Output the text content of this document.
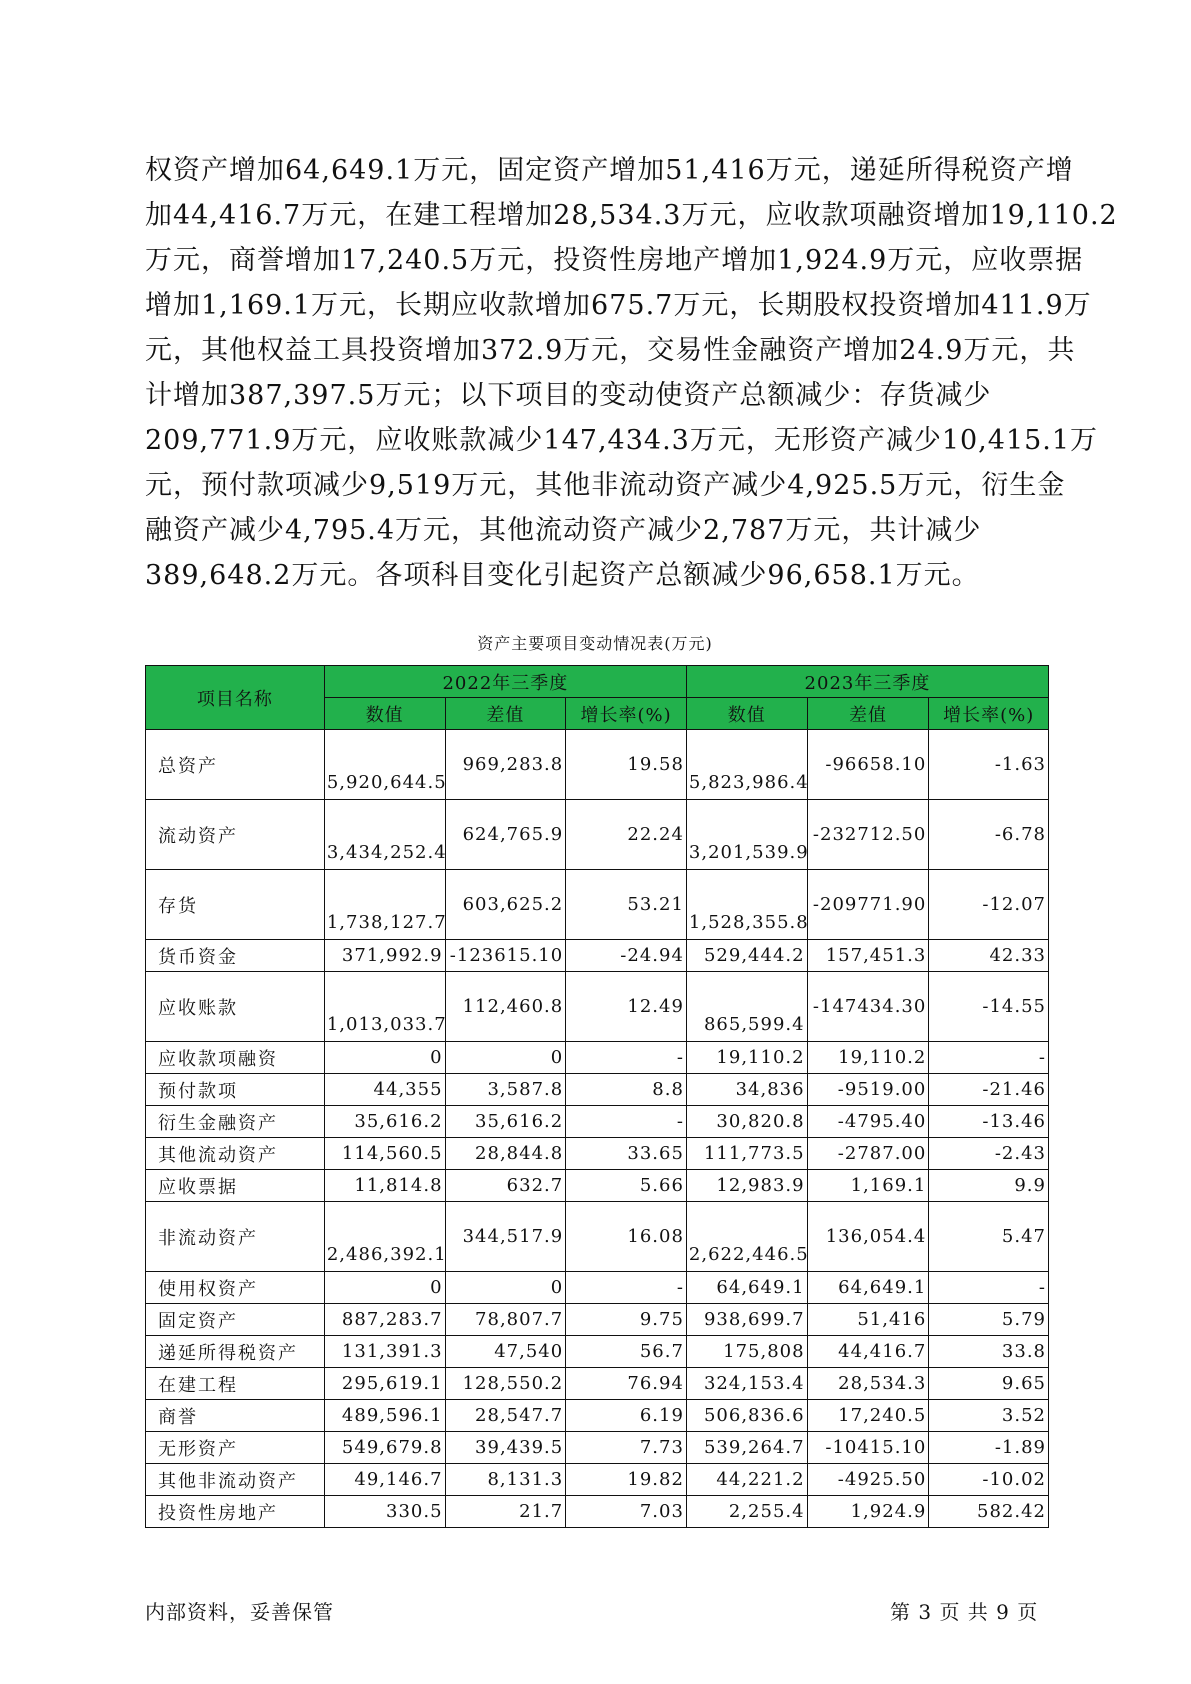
权资产增加64,649.1万元，固定资产增加51,416万元，递延所得税资产增
加44,416.7万元，在建工程增加28,534.3万元，应收款项融资增加19,110.2
万元，商誉增加17,240.5万元，投资性房地产增加1,924.9万元，应收票据
增加1,169.1万元，长期应收款增加675.7万元，长期股权投资增加411.9万
元，其他权益工具投资增加372.9万元，交易性金融资产增加24.9万元，共
计增加387,397.5万元；以下项目的变动使资产总额减少：存货减少
209,771.9万元，应收账款减少147,434.3万元，无形资产减少10,415.1万
元，预付款项减少9,519万元，其他非流动资产减少4,925.5万元，衍生金
融资产减少4,795.4万元，其他流动资产减少2,787万元，共计减少
389,648.2万元。各项科目变化引起资产总额减少96,658.1万元。
资产主要项目变动情况表(万元)
项目名称	2022年三季度			2023年三季度		
	数值	差值	增长率(%)	数值	差值	增长率(%)
总资产	5,920,644.5	969,283.8	19.58	5,823,986.4	-96658.10	-1.63
流动资产	3,434,252.4	624,765.9	22.24	3,201,539.9	-232712.50	-6.78
存货	1,738,127.7	603,625.2	53.21	1,528,355.8	-209771.90	-12.07
货币资金	371,992.9	-123615.10	-24.94	529,444.2	157,451.3	42.33
应收账款	1,013,033.7	112,460.8	12.49	865,599.4	-147434.30	-14.55
应收款项融资	0	0	-	19,110.2	19,110.2	-
预付款项	44,355	3,587.8	8.8	34,836	-9519.00	-21.46
衍生金融资产	35,616.2	35,616.2	-	30,820.8	-4795.40	-13.46
其他流动资产	114,560.5	28,844.8	33.65	111,773.5	-2787.00	-2.43
应收票据	11,814.8	632.7	5.66	12,983.9	1,169.1	9.9
非流动资产	2,486,392.1	344,517.9	16.08	2,622,446.5	136,054.4	5.47
使用权资产	0	0	-	64,649.1	64,649.1	-
固定资产	887,283.7	78,807.7	9.75	938,699.7	51,416	5.79
递延所得税资产	131,391.3	47,540	56.7	175,808	44,416.7	33.8
在建工程	295,619.1	128,550.2	76.94	324,153.4	28,534.3	9.65
商誉	489,596.1	28,547.7	6.19	506,836.6	17,240.5	3.52
无形资产	549,679.8	39,439.5	7.73	539,264.7	-10415.10	-1.89
其他非流动资产	49,146.7	8,131.3	19.82	44,221.2	-4925.50	-10.02
投资性房地产	330.5	21.7	7.03	2,255.4	1,924.9	582.42
内部资料，妥善保管	第 3 页 共 9 页
